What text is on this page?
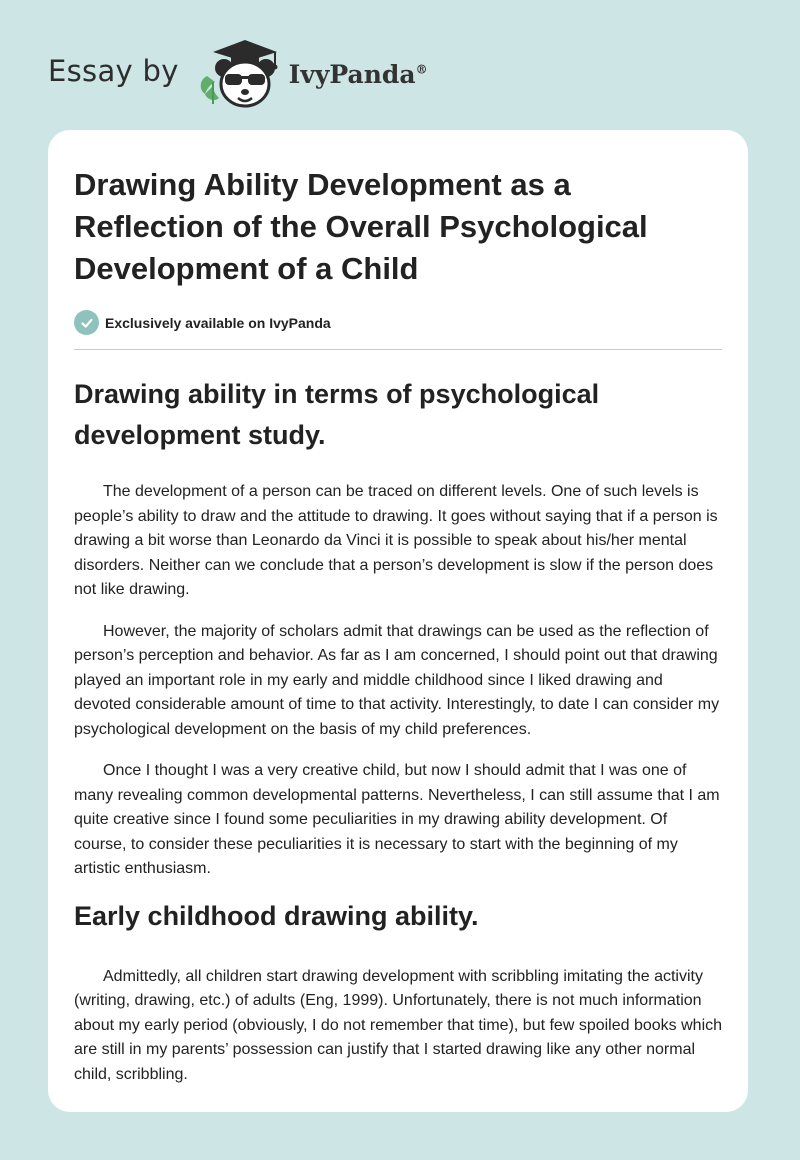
Essay by	IvyPanda®
Drawing Ability Development as a Reflection of the Overall Psychological Development of a Child
Exclusively available on IvyPanda
Drawing ability in terms of psychological development study.

The development of a person can be traced on different levels. One of such levels is people’s ability to draw and the attitude to drawing. It goes without saying that if a person is drawing a bit worse than Leonardo da Vinci it is possible to speak about his/her mental disorders. Neither can we conclude that a person’s development is slow if the person does not like drawing.

However, the majority of scholars admit that drawings can be used as the reflection of person’s perception and behavior. As far as I am concerned, I should point out that drawing played an important role in my early and middle childhood since I liked drawing and devoted considerable amount of time to that activity. Interestingly, to date I can consider my psychological development on the basis of my child preferences.

Once I thought I was a very creative child, but now I should admit that I was one of many revealing common developmental patterns. Nevertheless, I can still assume that I am quite creative since I found some peculiarities in my drawing ability development. Of course, to consider these peculiarities it is necessary to start with the beginning of my artistic enthusiasm.

Early childhood drawing ability.

Admittedly, all children start drawing development with scribbling imitating the activity (writing, drawing, etc.) of adults (Eng, 1999). Unfortunately, there is not much information about my early period (obviously, I do not remember that time), but few spoiled books which are still in my parents’ possession can justify that I started drawing like any other normal child, scribbling.
